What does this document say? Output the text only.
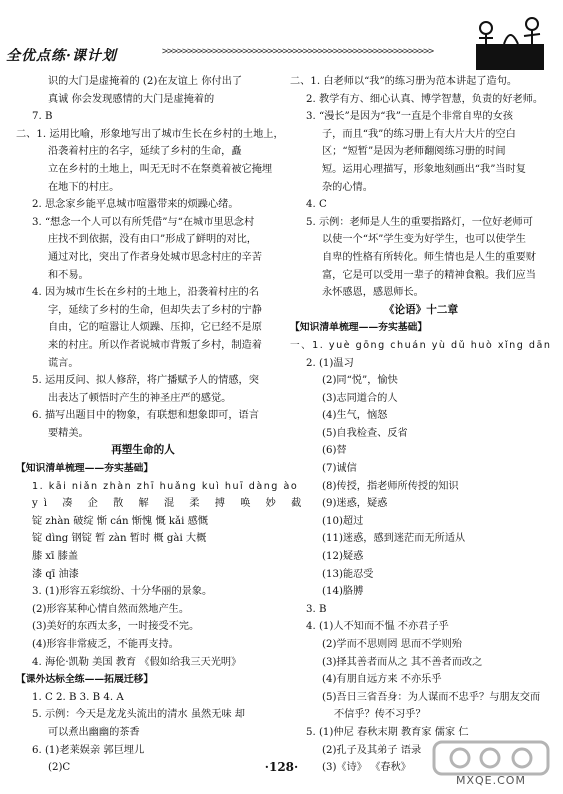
全优点练·课计划	>>>>>>>>>>>>>>>>>>>>>>>>>>>>>>>>>>>>>>>>>>>>>>>>>>>>>>
识的大门是虚掩着的 (2)在友谊上 你付出了
真诚 你会发现感情的大门是虚掩着的
7. B
二、1. 运用比喻，形象地写出了城市生长在乡村的土地上，
沿袭着村庄的名字，延续了乡村的生命，矗
立在乡村的土地上，叫无无时不在祭奠着被它掩埋
在地下的村庄。
2. 思念家乡能平息城市喧嚣带来的烦躁心绪。
3. “想念一个人可以有所凭借”与“在城市里思念村
庄找不到依据，没有由口”形成了鲜明的对比，
通过对比，突出了作者身处城市思念村庄的辛苦
和不易。
4. 因为城市生长在乡村的土地上，沿袭着村庄的名
字，延续了乡村的生命，但却失去了乡村的宁静
自由，它的喧嚣让人烦躁、压抑，它已经不是原
来的村庄。所以作者说城市背叛了乡村，制造着
谎言。
5. 运用反问、拟人修辞，将广播赋予人的情感，突
出表达了顿悟时产生的神圣庄严的感觉。
6. 描写出题目中的物象，有联想和想象即可，语言
要精美。
再塑生命的人
【知识清单梳理——夯实基础】
1. kāi niǎn zhàn zhī huǎng kuì huī dàng ào
yì 凑 企 散 解 混 柔 搏 唤 妙 截
锭 zhàn 破绽 惭 cán 惭愧 慨 kǎi 感慨
锭 dìng 钢锭 暂 zàn 暂时 概 gài 大概
膝 xī 膝盖
漆 qī 油漆
3. (1)形容五彩缤纷、十分华丽的景象。
(2)形容某种心情自然而然地产生。
(3)美好的东西太多，一时接受不完。
(4)形容非常疲乏，不能再支持。
4. 海伦·凯勒 美国 教育 《假如给我三天光明》
【课外达标全练——拓展迁移】
1. C 2. B 3. B 4. A
5. 示例：今天是龙龙头流出的清水 虽然无味 却
可以煮出幽幽的茶香
6. (1)老莱娱亲 郭巨埋儿
(2)C
二、1. 白老师以“我”的练习册为范本讲起了造句。
2. 教学有方、细心认真、博学智慧，负责的好老师。
3. “漫长”是因为“我”一直是个非常自卑的女孩
子，而且“我”的练习册上有大片大片的空白
区；“短暂”是因为老师翻阅练习册的时间
短。运用心理描写，形象地刻画出“我”当时复
杂的心情。
4. C
5. 示例：老师是人生的重要指路灯，一位好老师可
以使一个“坏”学生变为好学生，也可以使学生
自卑的性格有所转化。师生情也是人生的重要财
富，它是可以受用一辈子的精神食粮。我们应当
永怀感恩，感恩师长。
《论语》十二章
【知识清单梳理——夯实基础】
一、1. yuè gōng chuán yù dǔ huò xǐng dān
2. (1)温习
(2)同“悦”，愉快
(3)志同道合的人
(4)生气，恼怒
(5)自我检查、反省
(6)替
(7)诚信
(8)传授，指老师所传授的知识
(9)迷惑，疑惑
(10)超过
(11)迷惑，感到迷茫而无所适从
(12)疑惑
(13)能忍受
(14)胳膊
3. B
4. (1)人不知而不愠 不亦君子乎
(2)学而不思则罔 思而不学则殆
(3)择其善者而从之 其不善者而改之
(4)有朋自远方来 不亦乐乎
(5)吾日三省吾身：为人谋而不忠乎？与朋友交而
不信乎？传不习乎？
5. (1)仲尼 春秋末期 教育家 儒家 仁
(2)孔子及其弟子 语录
(3)《诗》 《春秋》
MXQE.COM
·128·
